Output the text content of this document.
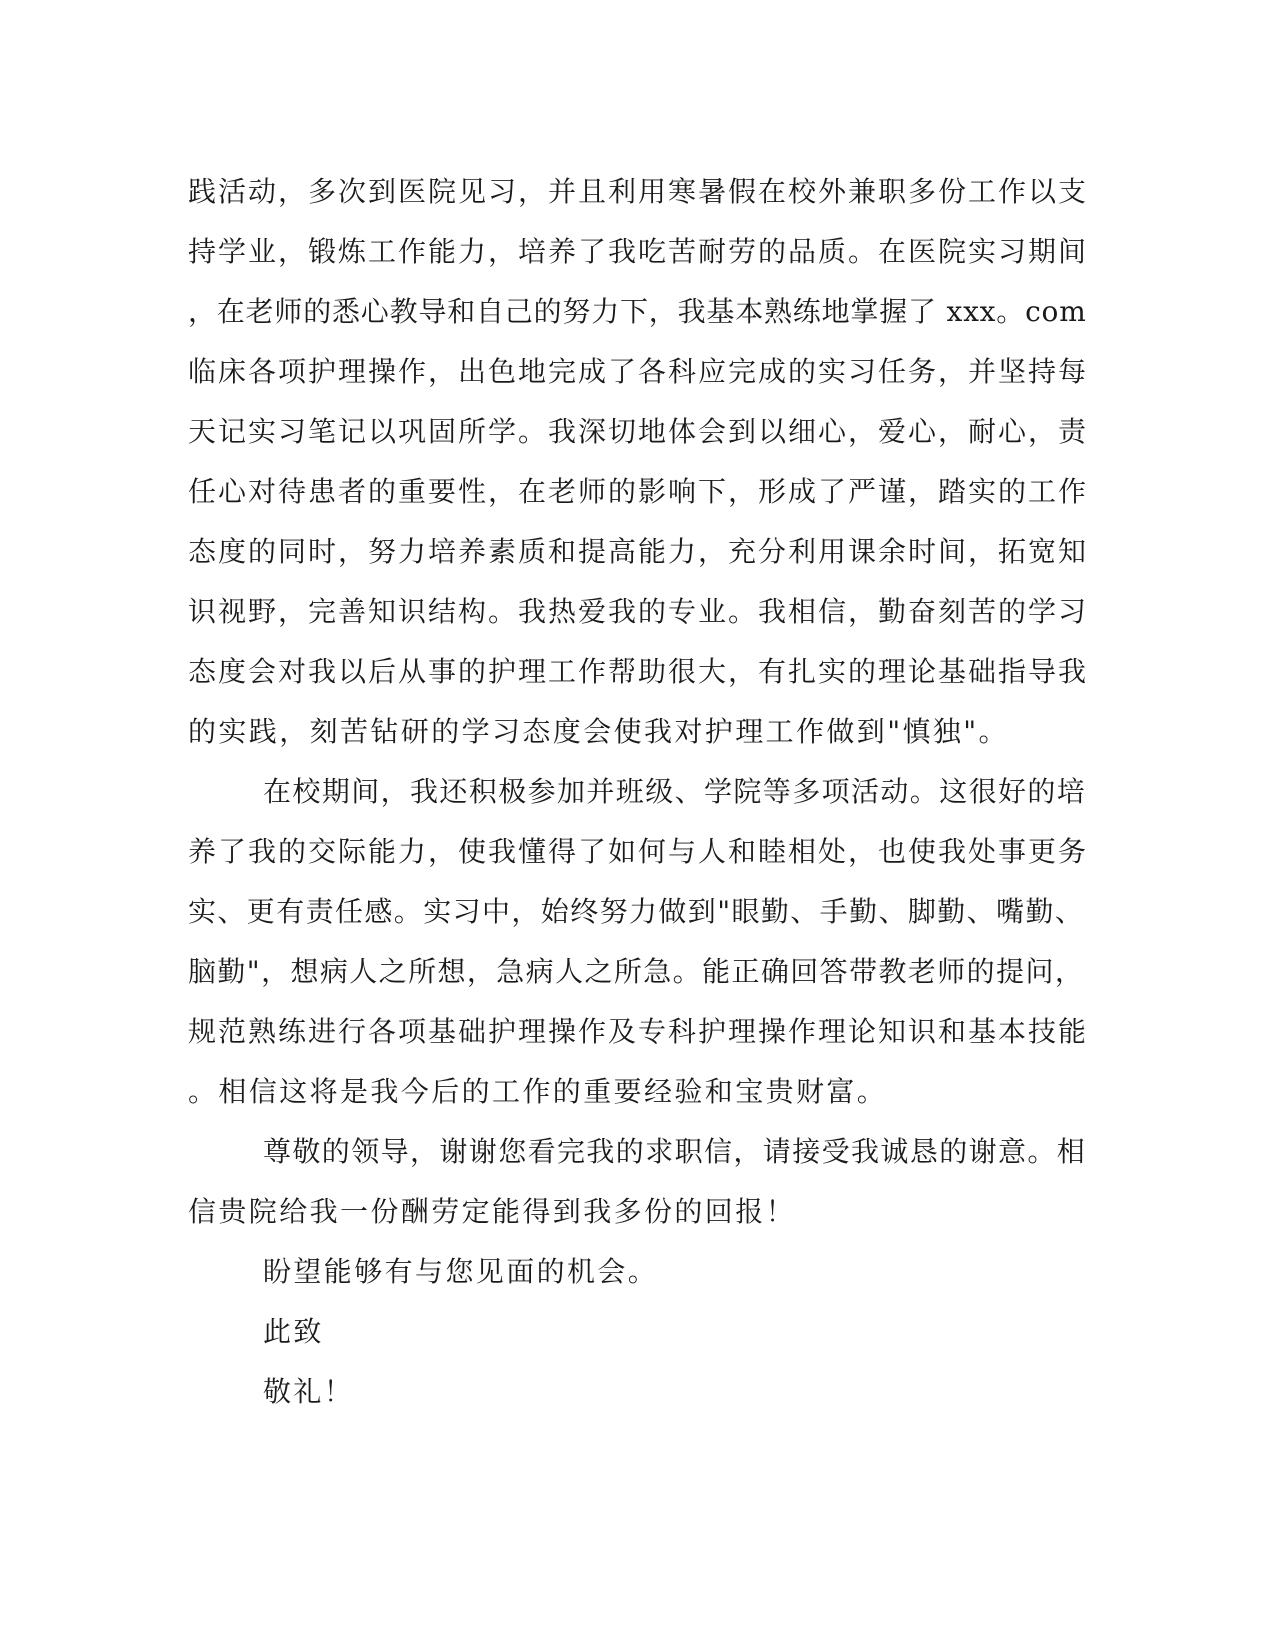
践活动，多次到医院见习，并且利用寒暑假在校外兼职多份工作以支
持学业，锻炼工作能力，培养了我吃苦耐劳的品质。在医院实习期间
，在老师的悉心教导和自己的努力下，我基本熟练地掌握了 xxx。com
临床各项护理操作，出色地完成了各科应完成的实习任务，并坚持每
天记实习笔记以巩固所学。我深切地体会到以细心，爱心，耐心，责
任心对待患者的重要性，在老师的影响下，形成了严谨，踏实的工作
态度的同时，努力培养素质和提高能力，充分利用课余时间，拓宽知
识视野，完善知识结构。我热爱我的专业。我相信，勤奋刻苦的学习
态度会对我以后从事的护理工作帮助很大，有扎实的理论基础指导我
的实践，刻苦钻研的学习态度会使我对护理工作做到"慎独"。
在校期间，我还积极参加并班级、学院等多项活动。这很好的培
养了我的交际能力，使我懂得了如何与人和睦相处，也使我处事更务
实、更有责任感。实习中，始终努力做到"眼勤、手勤、脚勤、嘴勤、
脑勤"，想病人之所想，急病人之所急。能正确回答带教老师的提问，
规范熟练进行各项基础护理操作及专科护理操作理论知识和基本技能
。相信这将是我今后的工作的重要经验和宝贵财富。
尊敬的领导，谢谢您看完我的求职信，请接受我诚恳的谢意。相
信贵院给我一份酬劳定能得到我多份的回报！
盼望能够有与您见面的机会。
此致
敬礼！
